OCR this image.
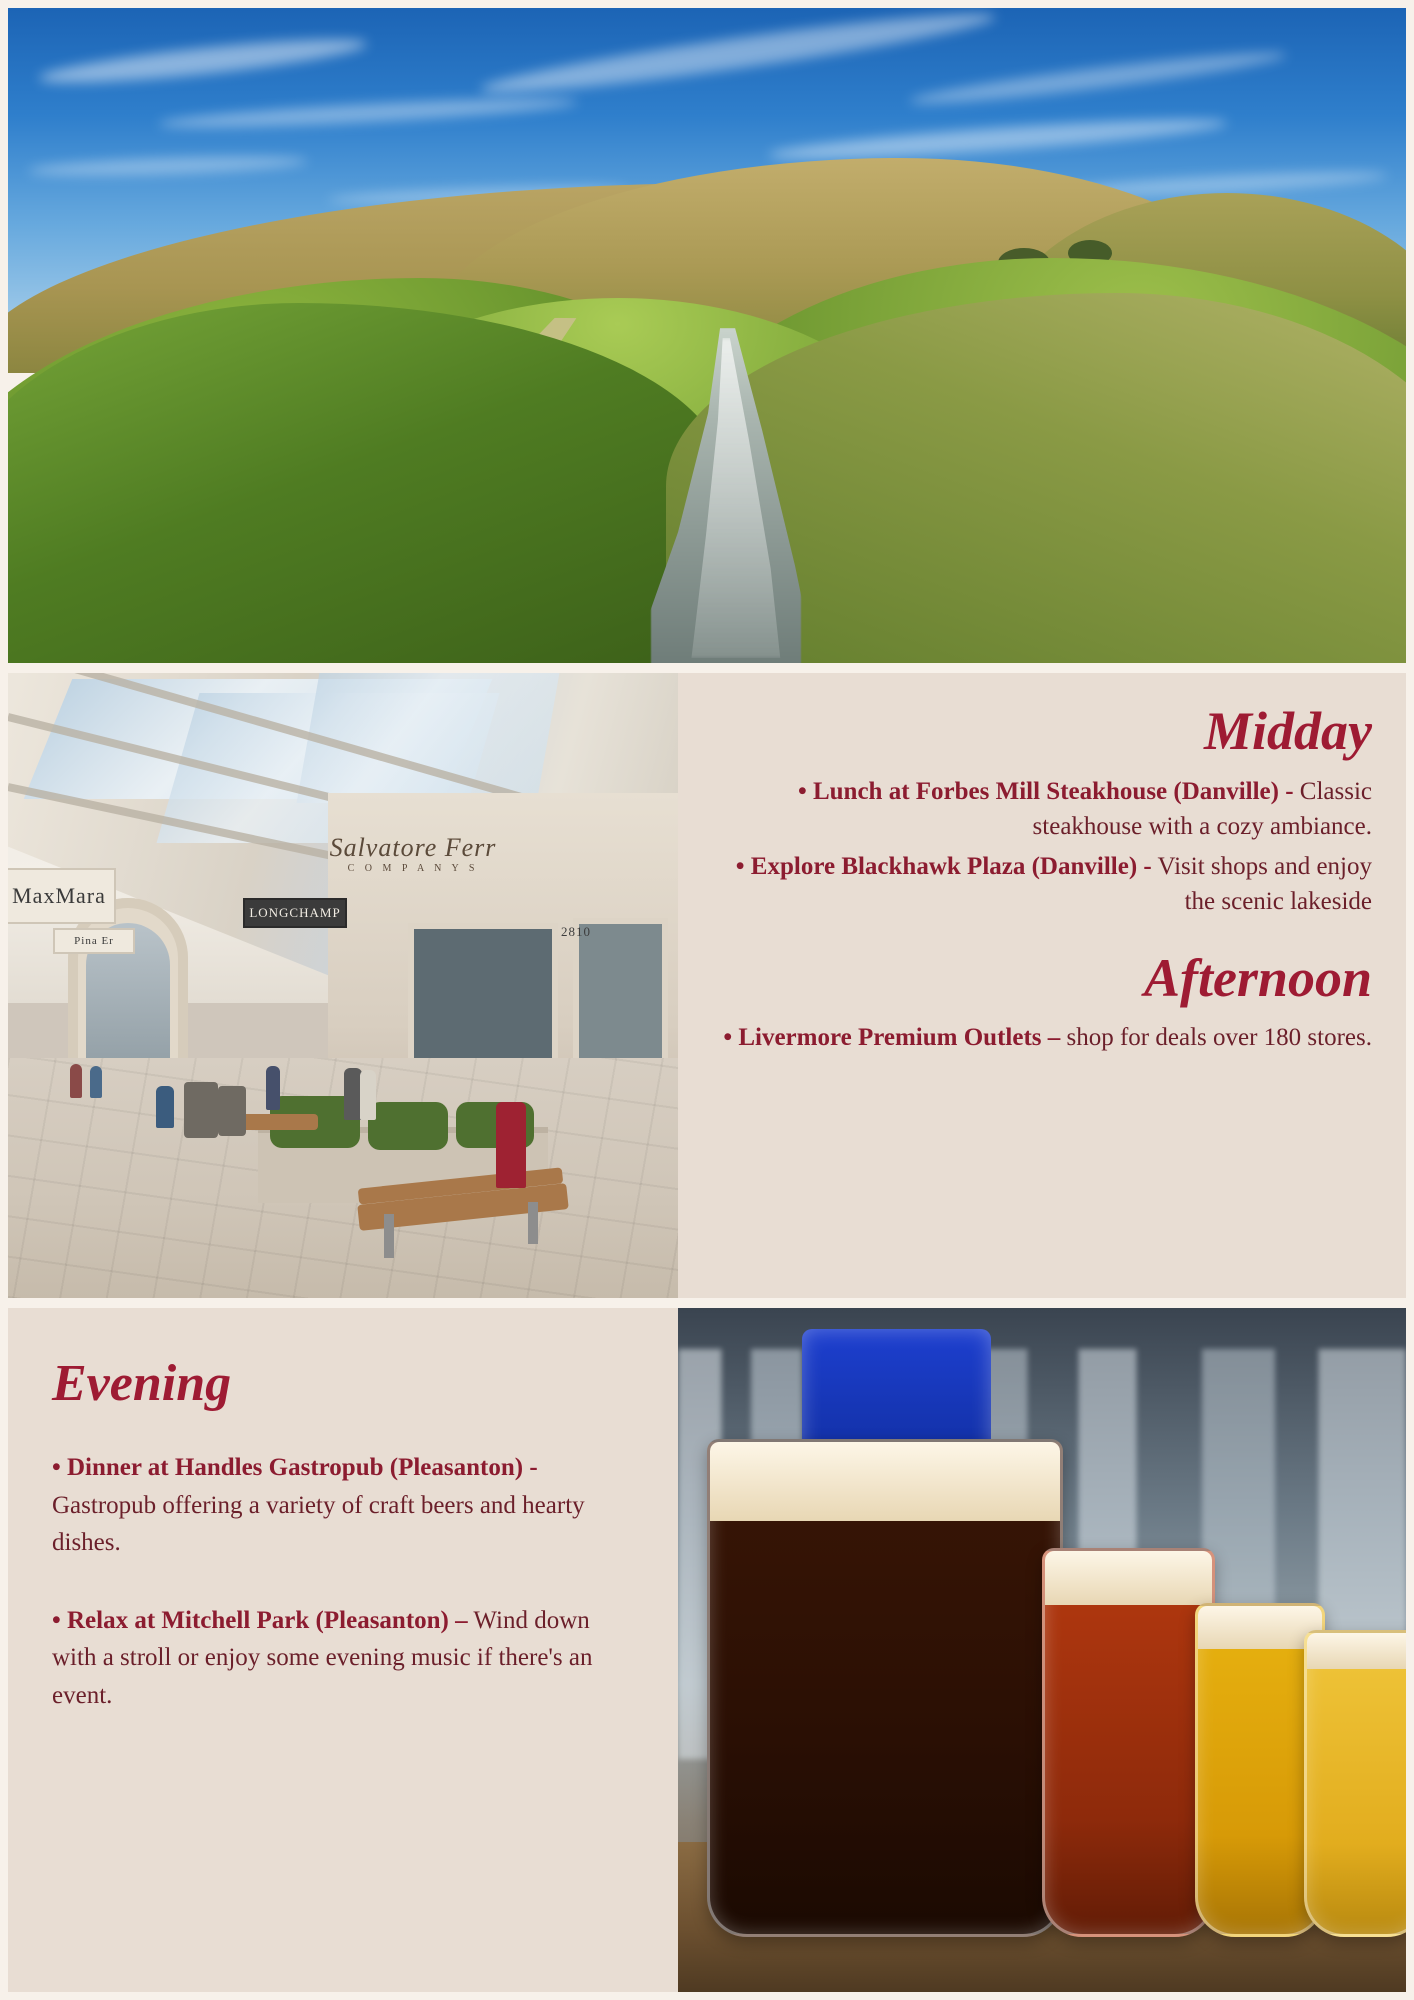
MaxMara
LONGCHAMP
Pina Er
2810
Salvatore Ferr
C O M P A N Y S
Midday
• Lunch at Forbes Mill Steakhouse (Danville) - Classic steakhouse with a cozy ambiance.
• Explore Blackhawk Plaza (Danville) - Visit shops and enjoy the scenic lakeside
Afternoon
• Livermore Premium Outlets – shop for deals over 180 stores.
Evening

• Dinner at Handles Gastropub (Pleasanton) - Gastropub offering a variety of craft beers and hearty dishes.

• Relax at Mitchell Park (Pleasanton) – Wind down with a stroll or enjoy some evening music if there's an event.
